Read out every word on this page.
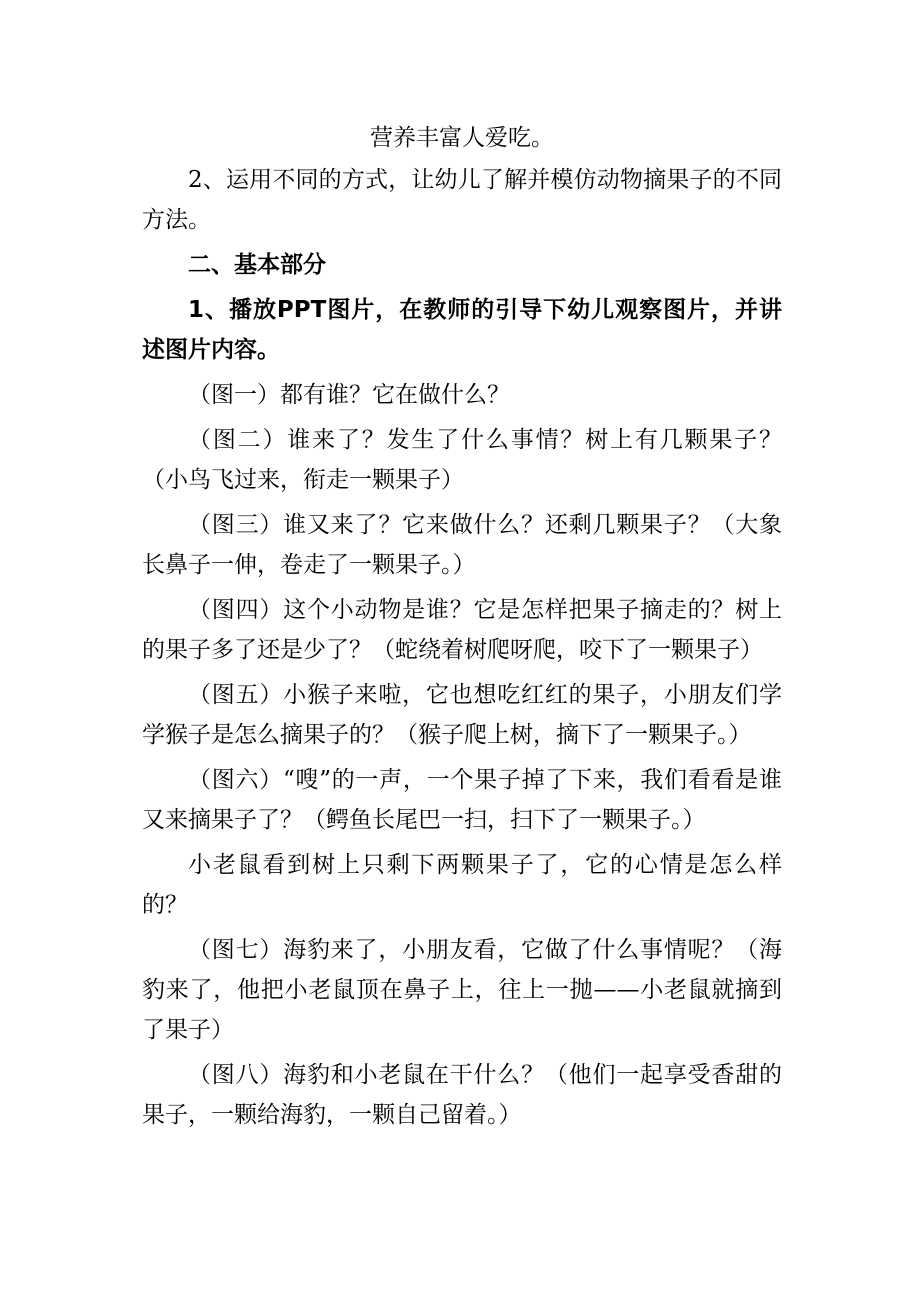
营养丰富人爱吃。

2、运用不同的方式，让幼儿了解并模仿动物摘果子的不同方法。

二、基本部分

1、播放PPT图片，在教师的引导下幼儿观察图片，并讲述图片内容。

（图一）都有谁？它在做什么？

（图二）谁来了？发生了什么事情？树上有几颗果子？（小鸟飞过来，衔走一颗果子）

（图三）谁又来了？它来做什么？还剩几颗果子？（大象长鼻子一伸，卷走了一颗果子。）

（图四）这个小动物是谁？它是怎样把果子摘走的？树上的果子多了还是少了？（蛇绕着树爬呀爬，咬下了一颗果子）

（图五）小猴子来啦，它也想吃红红的果子，小朋友们学学猴子是怎么摘果子的？（猴子爬上树，摘下了一颗果子。）

（图六）“嗖”的一声，一个果子掉了下来，我们看看是谁又来摘果子了？（鳄鱼长尾巴一扫，扫下了一颗果子。）

小老鼠看到树上只剩下两颗果子了，它的心情是怎么样的？

（图七）海豹来了，小朋友看，它做了什么事情呢？（海豹来了，他把小老鼠顶在鼻子上，往上一抛——小老鼠就摘到了果子）

（图八）海豹和小老鼠在干什么？（他们一起享受香甜的果子，一颗给海豹，一颗自己留着。）
